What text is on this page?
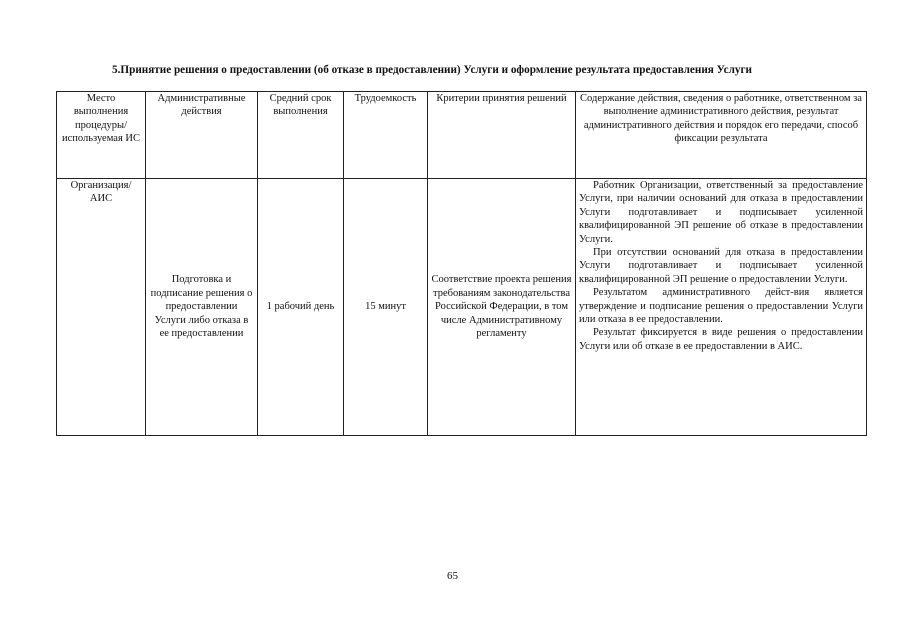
5.Принятие решения о предоставлении (об отказе в предоставлении) Услуги и оформление результата предоставления Услуги
Место выполнения процедуры/ используемая ИС	Административные действия	Средний срок выполнения	Трудоемкость	Критерии принятия решений	Содержание действия, сведения о работнике, ответственном за выполнение административного действия, результат административного действия и порядок его передачи, способ фиксации результата
Организация/ АИС	Подготовка и подписание решения о предоставлении Услуги либо отказа в ее предоставлении	1 рабочий день	15 минут	Соответствие проекта решения требованиям законодательства Российской Федерации, в том числе Административному регламенту	Работник Организации, ответственный за предоставление Услуги, при наличии оснований для отказа в предоставлении Услуги подготавливает и подписывает усиленной квалифицированной ЭП решение об отказе в предоставлении Услуги.

При отсутствии оснований для отказа в предоставлении Услуги подготавливает и подписывает усиленной квалифицированной ЭП решение о предоставлении Услуги.

Результатом административного дейст-вия является утверждение и подписание решения о предоставлении Услуги или отказа в ее предоставлении.

Результат фиксируется в виде решения о предоставлении Услуги или об отказе в ее предоставлении в АИС.

65
